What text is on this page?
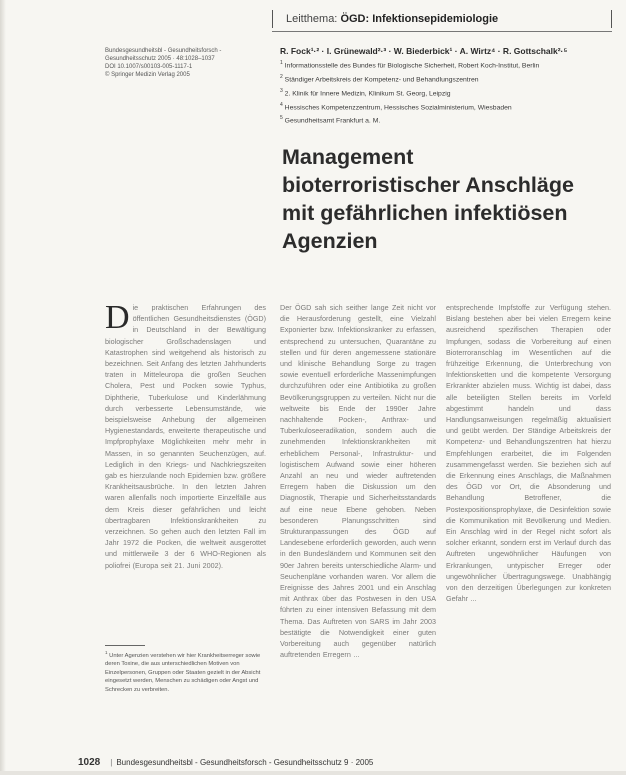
Leitthema: ÖGD: Infektionsepidemiologie
Bundesgesundheitsbl - Gesundheitsforsch -
Gesundheitsschutz 2005 · 48:1028–1037
DOI 10.1007/s00103-005-1117-1
© Springer Medizin Verlag 2005
R. Fock¹·² · I. Grünewald²·³ · W. Biederbick¹ · A. Wirtz⁴ · R. Gottschalk²·⁵
$^1$ Informationsstelle des Bundes für Biologische Sicherheit, Robert Koch-Institut, Berlin
$^2$ Ständiger Arbeitskreis der Kompetenz- und Behandlungszentren
$^3$ 2. Klinik für Innere Medizin, Klinikum St. Georg, Leipzig
$^4$ Hessisches Kompetenzzentrum, Hessisches Sozialministerium, Wiesbaden
$^5$ Gesundheitsamt Frankfurt a. M.
Management
bioterroristischer Anschläge
mit gefährlichen infektiösen
Agenzien
D ie praktischen Erfahrungen des öffentlichen Gesundheitsdienstes (ÖGD) in Deutschland in der Bewältigung biologischer Großschadenslagen und Katastrophen sind weitgehend als historisch zu bezeichnen. Seit Anfang des letzten Jahrhunderts traten in Mitteleuropa die großen Seuchen Cholera, Pest und Pocken sowie Typhus, Diphtherie, Tuberkulose und Kinderlähmung durch verbesserte Lebensumstände, wie beispielsweise Anhebung der allgemeinen Hygienestandards, erweiterte therapeutische und Impfprophylaxe Möglichkeiten mehr mehr in Massen, in so genannten Seuchenzügen, auf. Lediglich in den Kriegs- und Nachkriegszeiten gab es hierzulande noch Epidemien bzw. größere Krankheitsausbrüche. In den letzten Jahren waren allenfalls noch importierte Einzelfälle aus dem Kreis dieser gefährlichen und leicht übertragbaren Infektionskrankheiten zu verzeichnen. So gehen auch den letzten Fall im Jahr 1972 die Pocken, die weltweit ausgerottet und mittlerweile 3 der 6 WHO-Regionen als poliofrei (Europa seit 21. Juni 2002).
Der ÖGD sah sich seither lange Zeit nicht vor die Herausforderung gestellt, eine Vielzahl Exponierter bzw. Infektionskranker zu erfassen, entsprechend zu untersuchen, Quarantäne zu stellen und für deren angemessene stationäre und klinische Behandlung Sorge zu tragen sowie eventuell erforderliche Massenimpfungen durchzuführen oder eine Antibiotika zu großen Bevölkerungsgruppen zu verteilen. Nicht nur die weltweite bis Ende der 1990er Jahre nachhaltende Pocken-, Anthrax- und Tuberkuloseeradikation, sondern auch die zunehmenden Infektionskrankheiten mit erheblichem Personal-, Infrastruktur- und logistischem Aufwand sowie einer höheren Anzahl an neu und wieder auftretenden Erregern haben die Diskussion um den Diagnostik, Therapie und Sicherheitsstandards auf eine neue Ebene gehoben. Neben besonderen Planungsschritten sind Strukturanpassungen des ÖGD auf Landesebene erforderlich geworden, auch wenn in den Bundesländern und Kommunen seit den 90er Jahren bereits unterschiedliche Alarm- und Seuchenpläne vorhanden waren. Vor allem die Ereignisse des Jahres 2001 und ein Anschlag mit Anthrax über das Postwesen in den USA führten zu einer intensiven Befassung mit dem Thema. Das Auftreten von SARS im Jahr 2003 bestätigte die Notwendigkeit einer guten Vorbereitung auch gegenüber natürlich auftretenden Erregern ...
entsprechende Impfstoffe zur Verfügung stehen. Bislang bestehen aber bei vielen Erregern keine ausreichend spezifischen Therapien oder Impfungen, sodass die Vorbereitung auf einen Bioterroranschlag im Wesentlichen auf die frühzeitige Erkennung, die Unterbrechung von Infektionsketten und die kompetente Versorgung Erkrankter abzielen muss. Wichtig ist dabei, dass alle beteiligten Stellen bereits im Vorfeld abgestimmt handeln und dass Handlungsanweisungen regelmäßig aktualisiert und geübt werden. Der Ständige Arbeitskreis der Kompetenz- und Behandlungszentren hat hierzu Empfehlungen erarbeitet, die im Folgenden zusammengefasst werden. Sie beziehen sich auf die Erkennung eines Anschlags, die Maßnahmen des ÖGD vor Ort, die Absonderung und Behandlung Betroffener, die Postexpositionsprophylaxe, die Desinfektion sowie die Kommunikation mit Bevölkerung und Medien. Ein Anschlag wird in der Regel nicht sofort als solcher erkannt, sondern erst im Verlauf durch das Auftreten ungewöhnlicher Häufungen von Erkrankungen, untypischer Erreger oder ungewöhnlicher Übertragungswege. Unabhängig von den derzeitigen Überlegungen zur konkreten Gefahr ...
$^1$ Unter Agenzien verstehen wir hier Krankheitserreger sowie deren Toxine, die aus unterschiedlichen Motiven von Einzelpersonen, Gruppen oder Staaten gezielt in der Absicht eingesetzt werden, Menschen zu schädigen oder Angst und Schrecken zu verbreiten.
1028 | Bundesgesundheitsbl - Gesundheitsforsch - Gesundheitsschutz 9 · 2005
